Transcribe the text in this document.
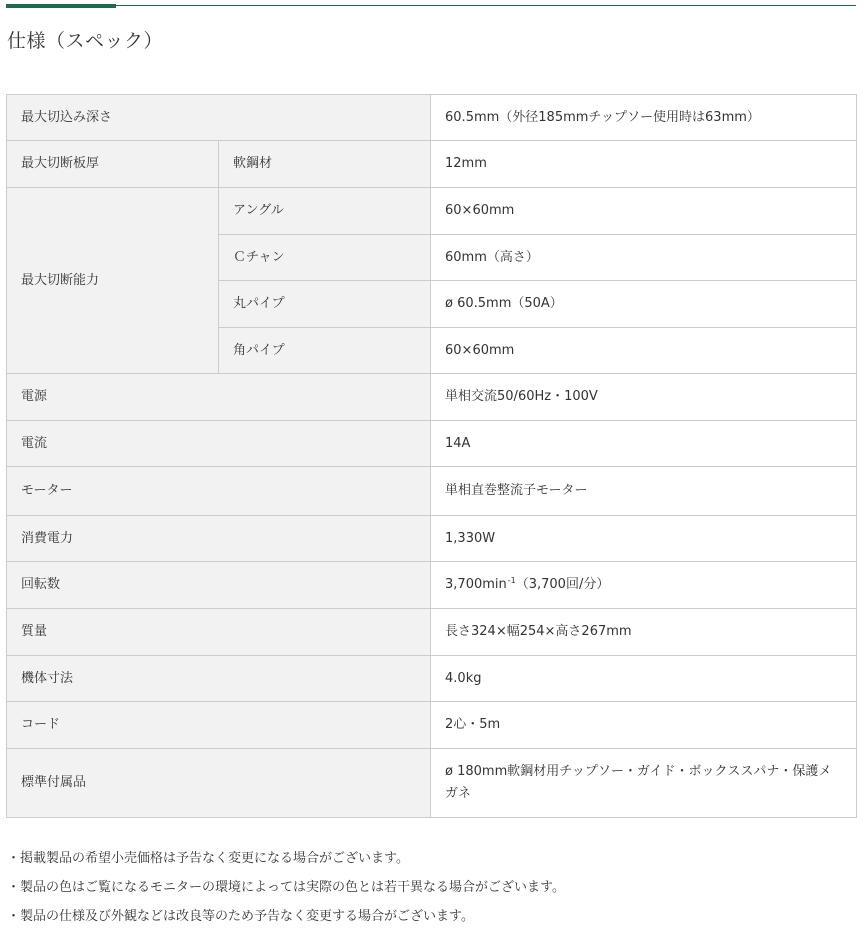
仕様（スペック）
最大切込み深さ		60.5mm（外径185mmチップソー使用時は63mm）
最大切断板厚	軟鋼材	12mm
最大切断能力	アングル	60×60mm
	Ｃチャン	60mm（高さ）
	丸パイプ	ø 60.5mm（50A）
	角パイプ	60×60mm
電源		単相交流50/60Hz・100V
電流		14A
モーター		単相直巻整流子モーター
消費電力		1,330W
回転数		$3,700\min^{-1}(3,700$回/分）
質量		長さ324×幅254×高さ267mm
機体寸法		4.0kg
コード		2心・5m
標準付属品		ø 180mm軟鋼材用チップソー・ガイド・ボックススパナ・保護メガネ
・掲載製品の希望小売価格は予告なく変更になる場合がございます。
・製品の色はご覧になるモニターの環境によっては実際の色とは若干異なる場合がございます。
・製品の仕様及び外観などは改良等のため予告なく変更する場合がございます。
